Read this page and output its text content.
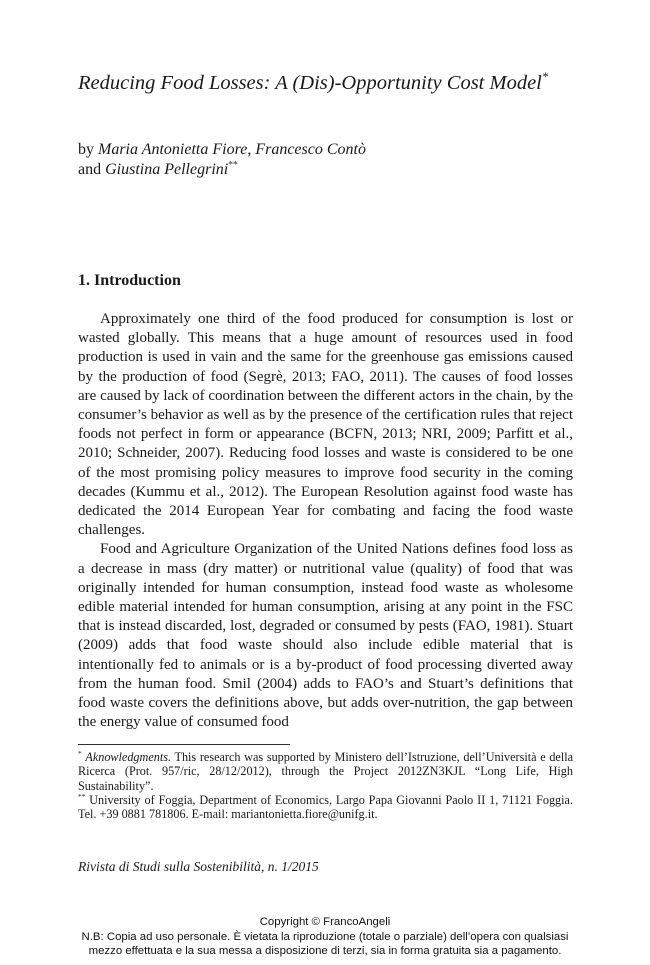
Reducing Food Losses: A (Dis)-Opportunity Cost Model*
by Maria Antonietta Fiore, Francesco Contò
and Giustina Pellegrini**
1. Introduction

Approximately one third of the food produced for consumption is lost or wasted globally. This means that a huge amount of resources used in food production is used in vain and the same for the greenhouse gas emissions caused by the production of food (Segrè, 2013; FAO, 2011). The causes of food losses are caused by lack of coordination between the different actors in the chain, by the consumer’s behavior as well as by the presence of the certification rules that reject foods not perfect in form or appearance (BCFN, 2013; NRI, 2009; Parfitt et al., 2010; Schneider, 2007). Reducing food losses and waste is considered to be one of the most promising policy measures to improve food security in the coming decades (Kummu et al., 2012). The European Resolution against food waste has dedicated the 2014 European Year for combating and facing the food waste challenges.

Food and Agriculture Organization of the United Nations defines food loss as a decrease in mass (dry matter) or nutritional value (quality) of food that was originally intended for human consumption, instead food waste as wholesome edible material intended for human consumption, arising at any point in the FSC that is instead discarded, lost, degraded or consumed by pests (FAO, 1981). Stuart (2009) adds that food waste should also include edible material that is intentionally fed to animals or is a by-product of food processing diverted away from the human food. Smil (2004) adds to FAO’s and Stuart’s definitions that food waste covers the definitions above, but adds over-nutrition, the gap between the energy value of consumed food

* Aknowledgments. This research was supported by Ministero dell’Istruzione, dell’Università e della Ricerca (Prot. 957/ric, 28/12/2012), through the Project 2012ZN3KJL “Long Life, High Sustainability”.

** University of Foggia, Department of Economics, Largo Papa Giovanni Paolo II 1, 71121 Foggia. Tel. +39 0881 781806. E-mail: mariantonietta.fiore@unifg.it.

Rivista di Studi sulla Sostenibilità, n. 1/2015
Copyright © FrancoAngeli
N.B: Copia ad uso personale. È vietata la riproduzione (totale o parziale) dell’opera con qualsiasi
mezzo effettuata e la sua messa a disposizione di terzi, sia in forma gratuita sia a pagamento.
